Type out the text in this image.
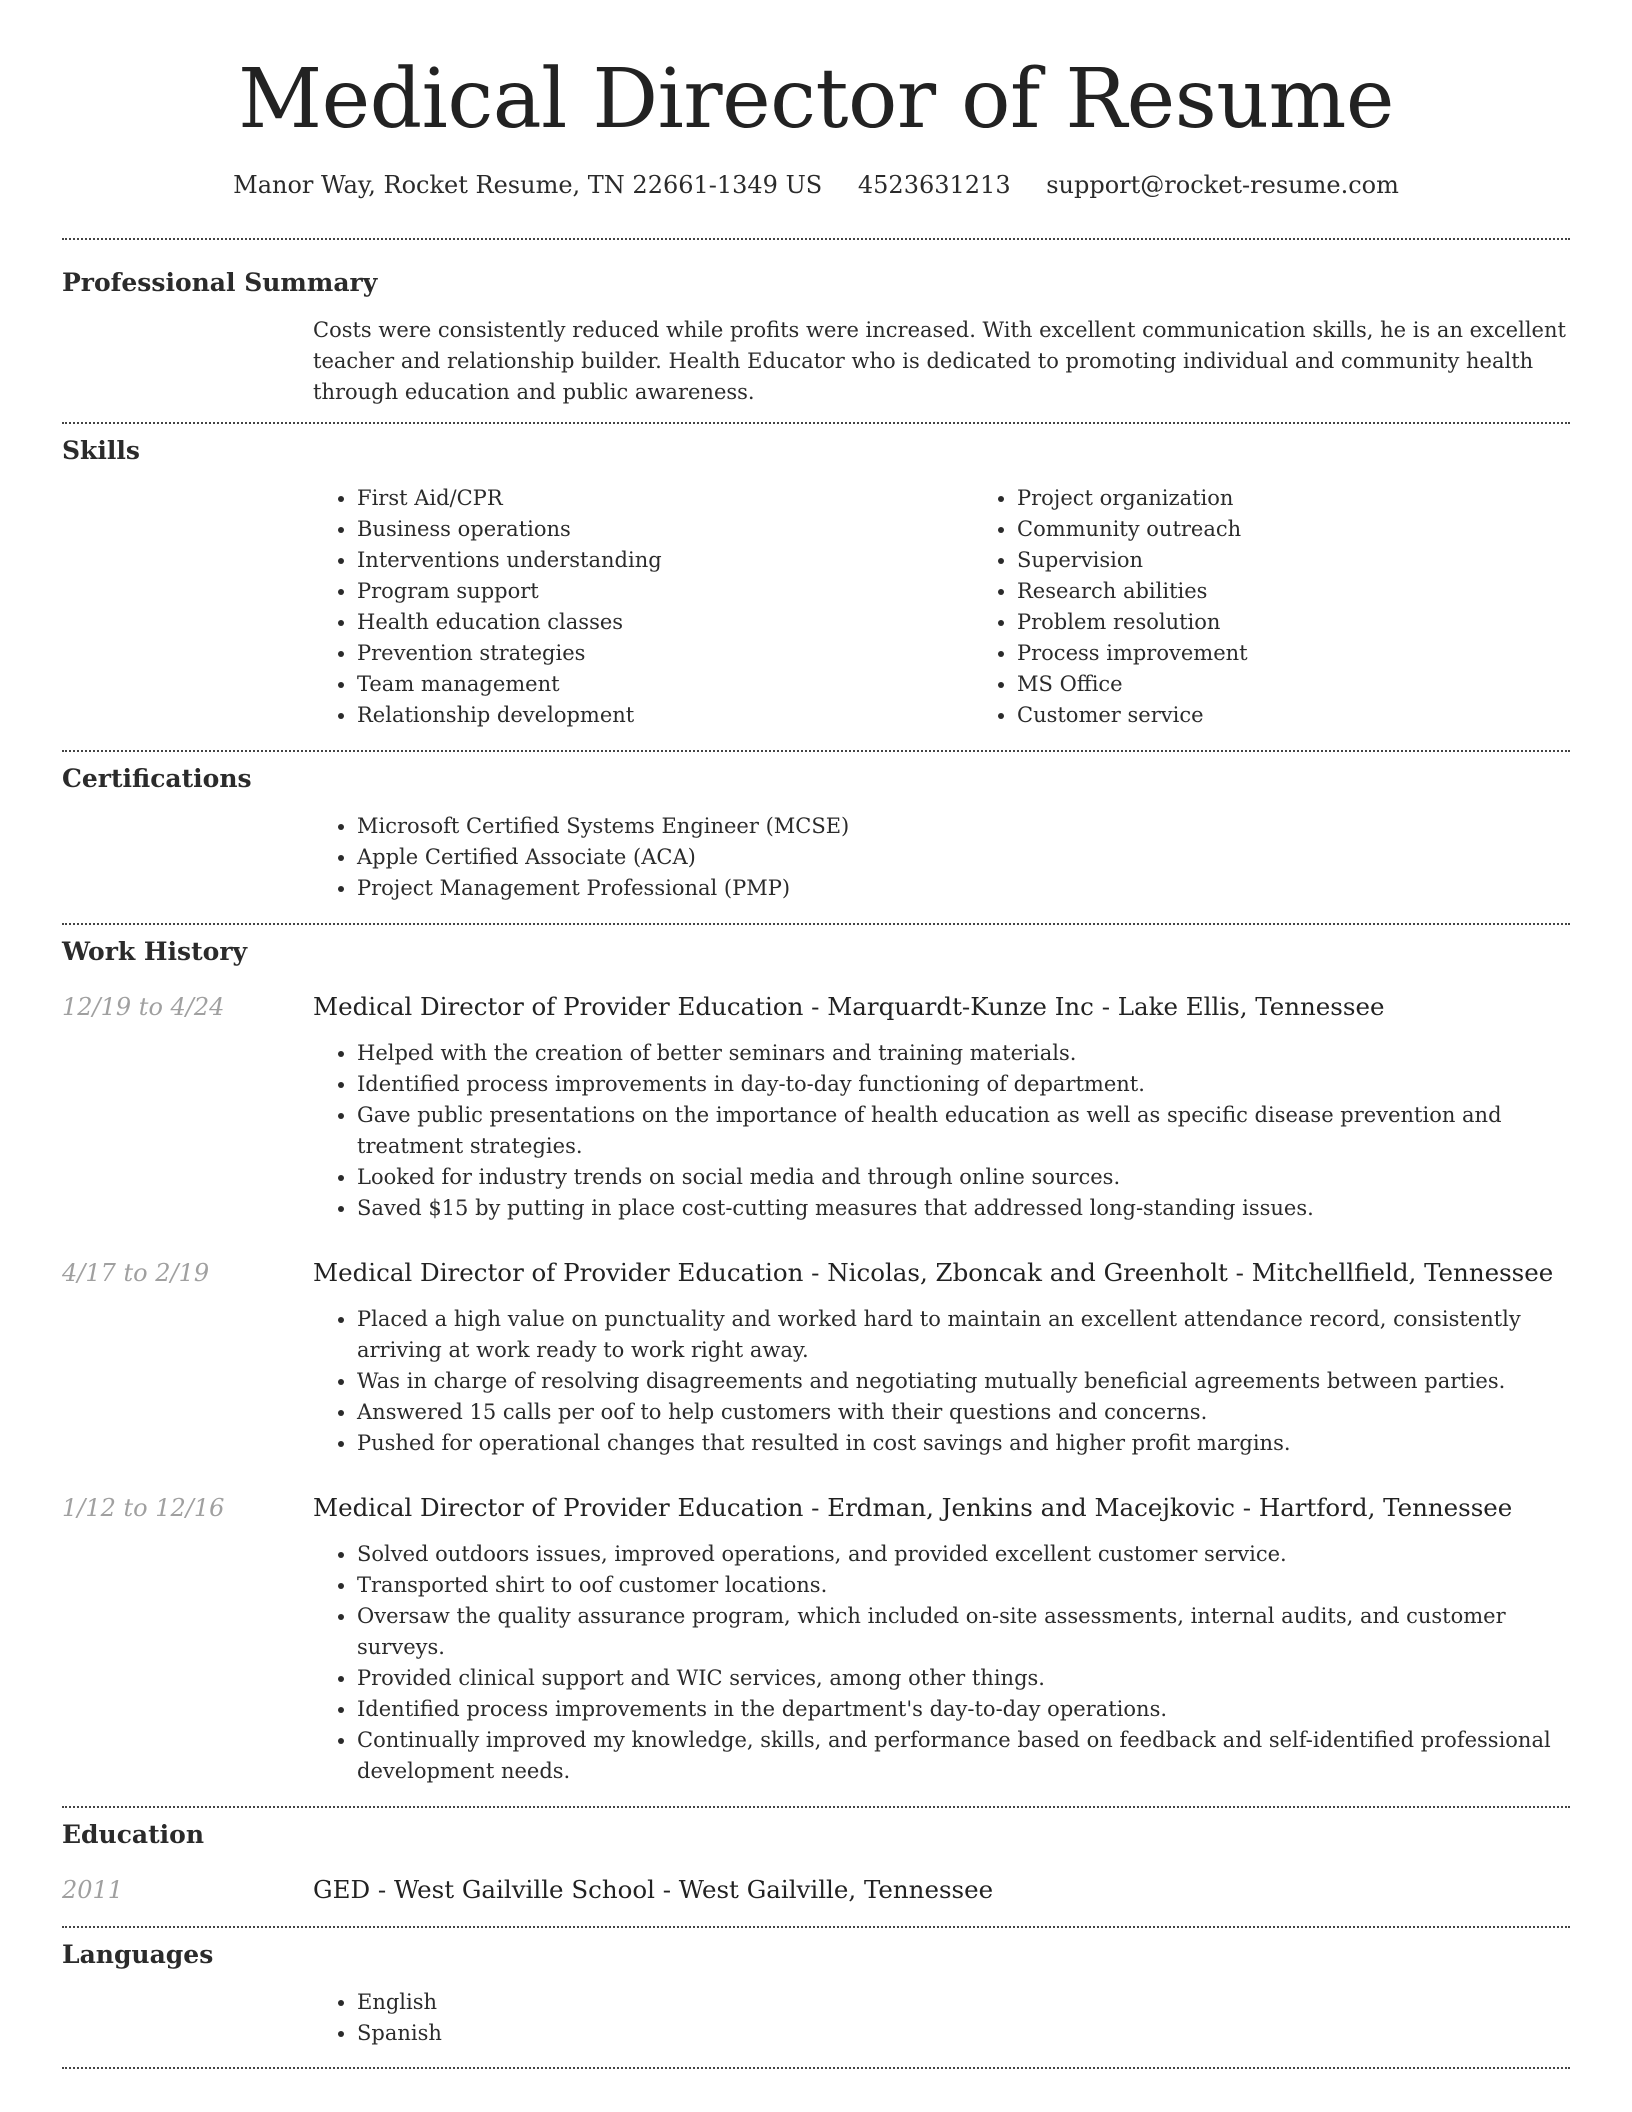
Medical Director of Resume
Manor Way, Rocket Resume, TN 22661-1349 US 4523631213 support@rocket-resume.com
Professional Summary
Costs were consistently reduced while profits were increased. With excellent communication skills, he is an excellent teacher and relationship builder. Health Educator who is dedicated to promoting individual and community health through education and public awareness.
Skills
• First Aid/CPR
• Business operations
• Interventions understanding
• Program support
• Health education classes
• Prevention strategies
• Team management
• Relationship development
• Project organization
• Community outreach
• Supervision
• Research abilities
• Problem resolution
• Process improvement
• MS Office
• Customer service
Certifications
• Microsoft Certified Systems Engineer (MCSE)
• Apple Certified Associate (ACA)
• Project Management Professional (PMP)
Work History
12/19 to 4/24	Medical Director of Provider Education - Marquardt-Kunze Inc - Lake Ellis, Tennessee
• Helped with the creation of better seminars and training materials.
• Identified process improvements in day-to-day functioning of department.
• Gave public presentations on the importance of health education as well as specific disease prevention and treatment strategies.
• Looked for industry trends on social media and through online sources.
• Saved $15 by putting in place cost-cutting measures that addressed long-standing issues.
4/17 to 2/19	Medical Director of Provider Education - Nicolas, Zboncak and Greenholt - Mitchellfield, Tennessee
• Placed a high value on punctuality and worked hard to maintain an excellent attendance record, consistently arriving at work ready to work right away.
• Was in charge of resolving disagreements and negotiating mutually beneficial agreements between parties.
• Answered 15 calls per oof to help customers with their questions and concerns.
• Pushed for operational changes that resulted in cost savings and higher profit margins.
1/12 to 12/16	Medical Director of Provider Education - Erdman, Jenkins and Macejkovic - Hartford, Tennessee
• Solved outdoors issues, improved operations, and provided excellent customer service.
• Transported shirt to oof customer locations.
• Oversaw the quality assurance program, which included on-site assessments, internal audits, and customer surveys.
• Provided clinical support and WIC services, among other things.
• Identified process improvements in the department's day-to-day operations.
• Continually improved my knowledge, skills, and performance based on feedback and self-identified professional development needs.
Education
2011	GED - West Gailville School - West Gailville, Tennessee
Languages
• English
• Spanish
